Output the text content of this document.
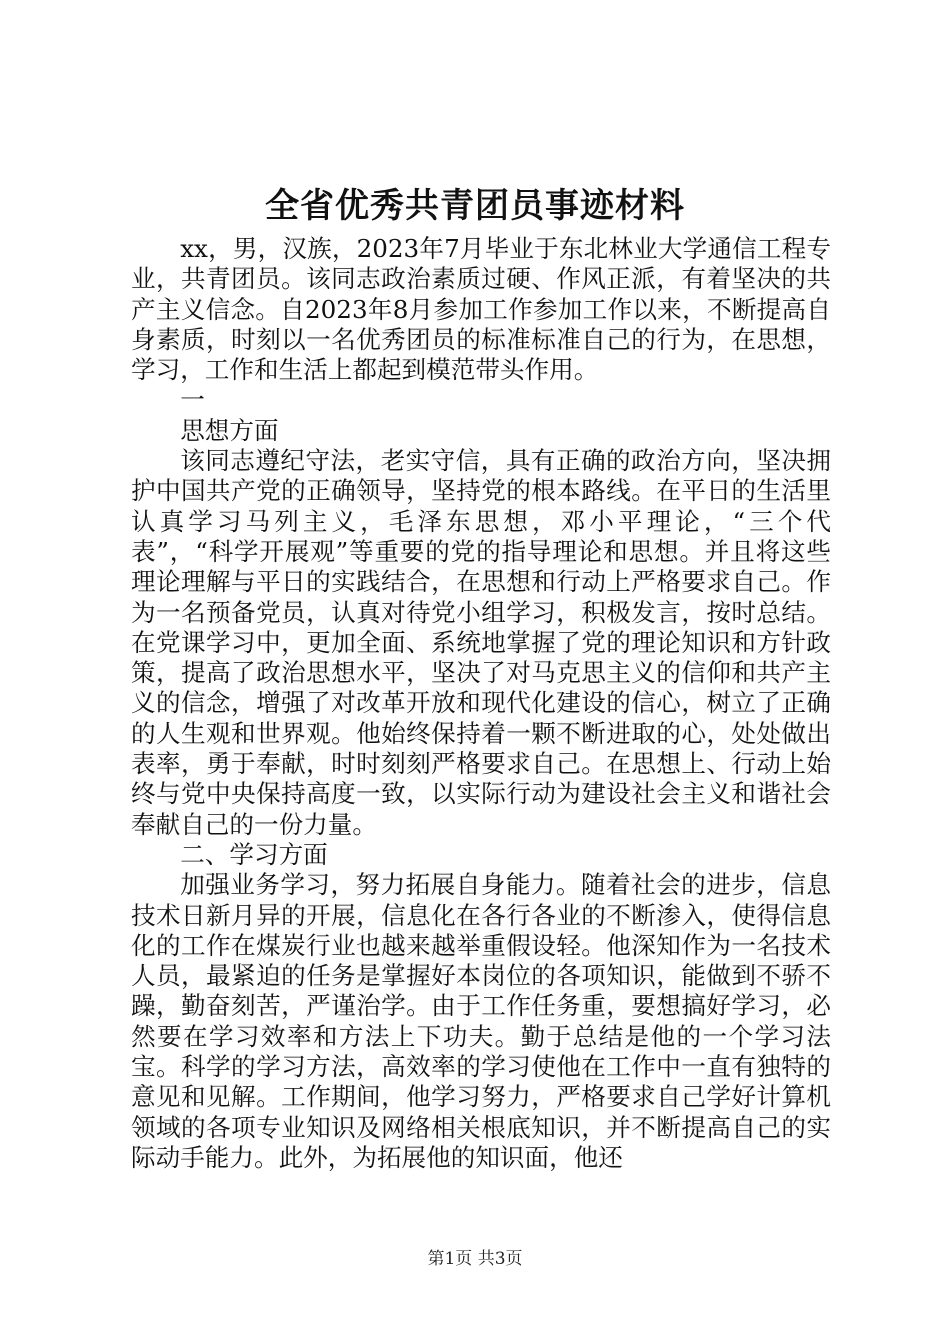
全省优秀共青团员事迹材料

xx，男，汉族，2023年7月毕业于东北林业大学通信工程专业，共青团员。该同志政治素质过硬、作风正派，有着坚决的共产主义信念。自2023年8月参加工作参加工作以来，不断提高自身素质，时刻以一名优秀团员的标准标准自己的行为，在思想，学习，工作和生活上都起到模范带头作用。

一

思想方面

该同志遵纪守法，老实守信，具有正确的政治方向，坚决拥护中国共产党的正确领导，坚持党的根本路线。在平日的生活里认真学习马列主义，毛泽东思想，邓小平理论，“三个代表”，“科学开展观”等重要的党的指导理论和思想。并且将这些理论理解与平日的实践结合，在思想和行动上严格要求自己。作为一名预备党员，认真对待党小组学习，积极发言，按时总结。在党课学习中，更加全面、系统地掌握了党的理论知识和方针政策，提高了政治思想水平，坚决了对马克思主义的信仰和共产主义的信念，增强了对改革开放和现代化建设的信心，树立了正确的人生观和世界观。他始终保持着一颗不断进取的心，处处做出表率，勇于奉献，时时刻刻严格要求自己。在思想上、行动上始终与党中央保持高度一致，以实际行动为建设社会主义和谐社会奉献自己的一份力量。

二、学习方面

加强业务学习，努力拓展自身能力。随着社会的进步，信息技术日新月异的开展，信息化在各行各业的不断渗入，使得信息化的工作在煤炭行业也越来越举重假设轻。他深知作为一名技术人员，最紧迫的任务是掌握好本岗位的各项知识，能做到不骄不躁，勤奋刻苦，严谨治学。由于工作任务重，要想搞好学习，必然要在学习效率和方法上下功夫。勤于总结是他的一个学习法宝。科学的学习方法，高效率的学习使他在工作中一直有独特的意见和见解。工作期间，他学习努力，严格要求自己学好计算机领域的各项专业知识及网络相关根底知识，并不断提高自己的实际动手能力。此外，为拓展他的知识面，他还

第1页 共3页
